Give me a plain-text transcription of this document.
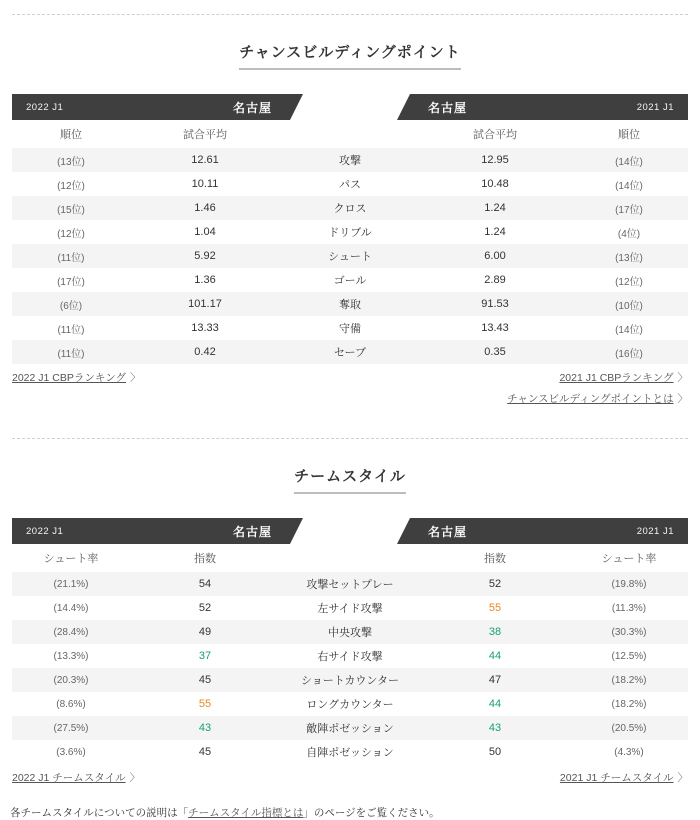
チャンスビルディングポイント
2022 J1	名古屋	名古屋	2021 J1
順位	試合平均	試合平均	順位
(13位)	12.61	攻撃	12.95	(14位)
(12位)	10.11	パス	10.48	(14位)
(15位)	1.46	クロス	1.24	(17位)
(12位)	1.04	ドリブル	1.24	(4位)
(11位)	5.92	シュート	6.00	(13位)
(17位)	1.36	ゴール	2.89	(12位)
(6位)	101.17	奪取	91.53	(10位)
(11位)	13.33	守備	13.43	(14位)
(11位)	0.42	セーブ	0.35	(16位)
2022 J1 CBPランキング 〉	2021 J1 CBPランキング 〉
チャンスビルディングポイントとは 〉
チームスタイル
2022 J1	名古屋	名古屋	2021 J1
シュート率	指数	指数	シュート率
(21.1%)	54	攻撃セットプレー	52	(19.8%)
(14.4%)	52	左サイド攻撃	55	(11.3%)
(28.4%)	49	中央攻撃	38	(30.3%)
(13.3%)	37	右サイド攻撃	44	(12.5%)
(20.3%)	45	ショートカウンター	47	(18.2%)
(8.6%)	55	ロングカウンター	44	(18.2%)
(27.5%)	43	敵陣ポゼッション	43	(20.5%)
(3.6%)	45	自陣ポゼッション	50	(4.3%)
2022 J1 チームスタイル 〉	2021 J1 チームスタイル 〉
各チームスタイルについての説明は「チームスタイル指標とは」のページをご覧ください。
